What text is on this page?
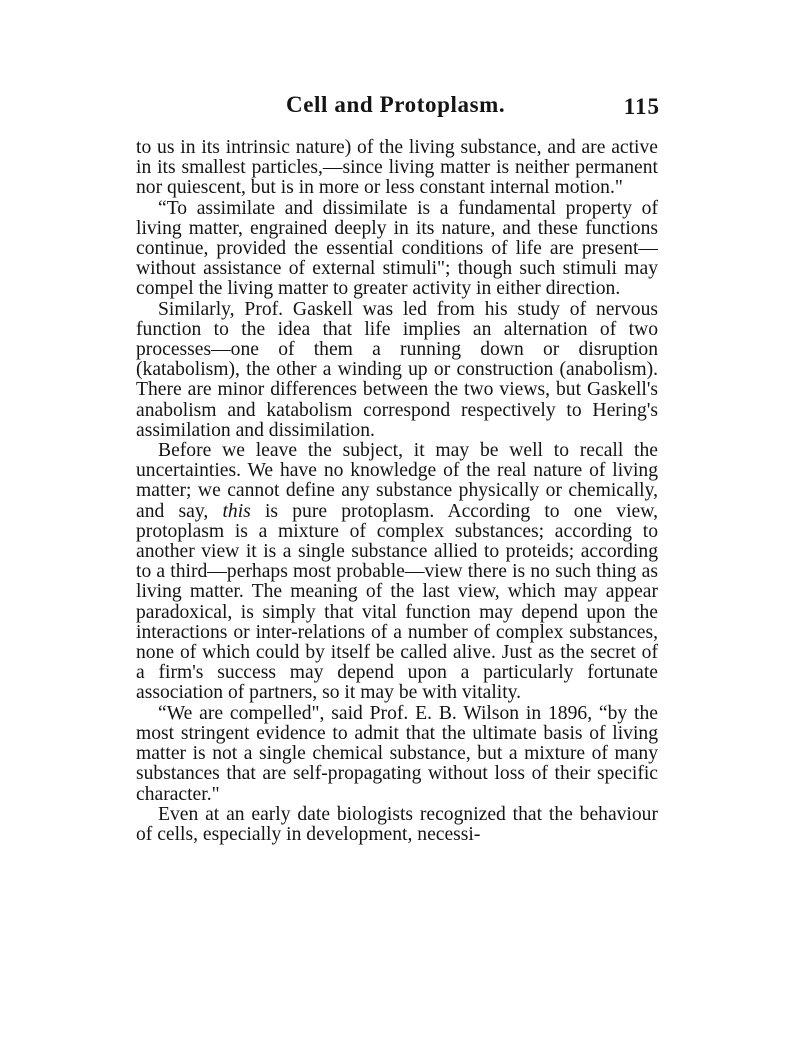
Cell and Protoplasm.	115

to us in its intrinsic nature) of the living substance, and are active in its smallest particles,—since living matter is neither permanent nor quiescent, but is in more or less constant internal motion."

“To assimilate and dissimilate is a fundamental property of living matter, engrained deeply in its nature, and these functions continue, provided the essential conditions of life are present—without assistance of external stimuli"; though such stimuli may compel the living matter to greater activity in either direction.

Similarly, Prof. Gaskell was led from his study of nervous function to the idea that life implies an alternation of two processes—one of them a running down or disruption (katabolism), the other a winding up or construction (anabolism). There are minor differences between the two views, but Gaskell's anabolism and katabolism correspond respectively to Hering's assimilation and dissimilation.

Before we leave the subject, it may be well to recall the uncertainties. We have no knowledge of the real nature of living matter; we cannot define any substance physically or chemically, and say, this is pure protoplasm. According to one view, protoplasm is a mixture of complex substances; according to another view it is a single substance allied to proteids; according to a third—perhaps most probable—view there is no such thing as living matter. The meaning of the last view, which may appear paradoxical, is simply that vital function may depend upon the interactions or inter-relations of a number of complex substances, none of which could by itself be called alive. Just as the secret of a firm's success may depend upon a particularly fortunate association of partners, so it may be with vitality.

“We are compelled", said Prof. E. B. Wilson in 1896, “by the most stringent evidence to admit that the ultimate basis of living matter is not a single chemical substance, but a mixture of many substances that are self-propagating without loss of their specific character."

Even at an early date biologists recognized that the behaviour of cells, especially in development, necessi-
